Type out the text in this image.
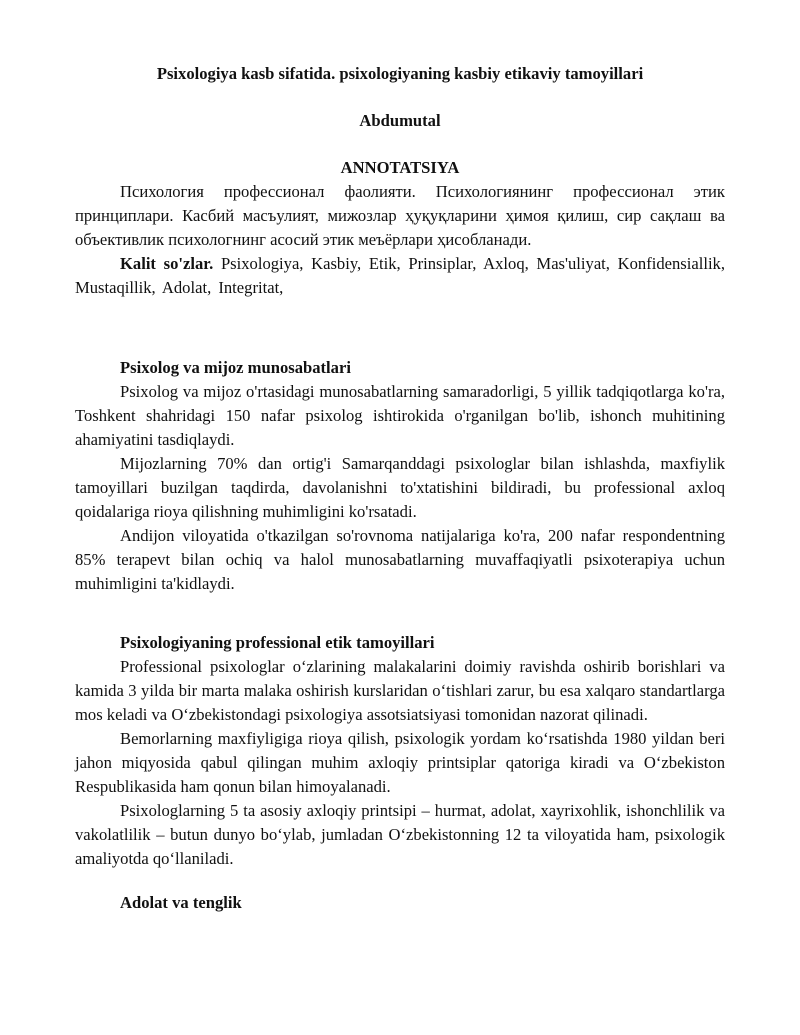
Psixologiya kasb sifatida. psixologiyaning kasbiy etikaviy tamoyillari

Abdumutal

ANNOTATSIYA

Психология профессионал фаолияти. Психологиянинг профессионал этик принциплари. Касбий масъулият, мижозлар ҳуқуқларини ҳимоя қилиш, сир сақлаш ва объективлик психологнинг асосий этик меъёрлари ҳисобланади.

Kalit so'zlar. Psixologiya, Kasbiy, Etik, Prinsiplar, Axloq, Mas'uliyat, Konfidensiallik, Mustaqillik, Adolat, Integritat,

Psixolog va mijoz munosabatlari

Psixolog va mijoz o'rtasidagi munosabatlarning samaradorligi, 5 yillik tadqiqotlarga ko'ra, Toshkent shahridagi 150 nafar psixolog ishtirokida o'rganilgan bo'lib, ishonch muhitining ahamiyatini tasdiqlaydi.

Mijozlarning 70% dan ortig'i Samarqanddagi psixologlar bilan ishlashda, maxfiylik tamoyillari buzilgan taqdirda, davolanishni to'xtatishini bildiradi, bu professional axloq qoidalariga rioya qilishning muhimligini ko'rsatadi.

Andijon viloyatida o'tkazilgan so'rovnoma natijalariga ko'ra, 200 nafar respondentning 85% terapevt bilan ochiq va halol munosabatlarning muvaffaqiyatli psixoterapiya uchun muhimligini ta'kidlaydi.

Psixologiyaning professional etik tamoyillari

Professional psixologlar oʻzlarining malakalarini doimiy ravishda oshirib borishlari va kamida 3 yilda bir marta malaka oshirish kurslaridan oʻtishlari zarur, bu esa xalqaro standartlarga mos keladi va Oʻzbekistondagi psixologiya assotsiatsiyasi tomonidan nazorat qilinadi.

Bemorlarning maxfiyligiga rioya qilish, psixologik yordam koʻrsatishda 1980 yildan beri jahon miqyosida qabul qilingan muhim axloqiy printsiplar qatoriga kiradi va Oʻzbekiston Respublikasida ham qonun bilan himoyalanadi.

Psixologlarning 5 ta asosiy axloqiy printsipi – hurmat, adolat, xayrixohlik, ishonchlilik va vakolatlilik – butun dunyo boʻylab, jumladan Oʻzbekistonning 12 ta viloyatida ham, psixologik amaliyotda qoʻllaniladi.

Adolat va tenglik
